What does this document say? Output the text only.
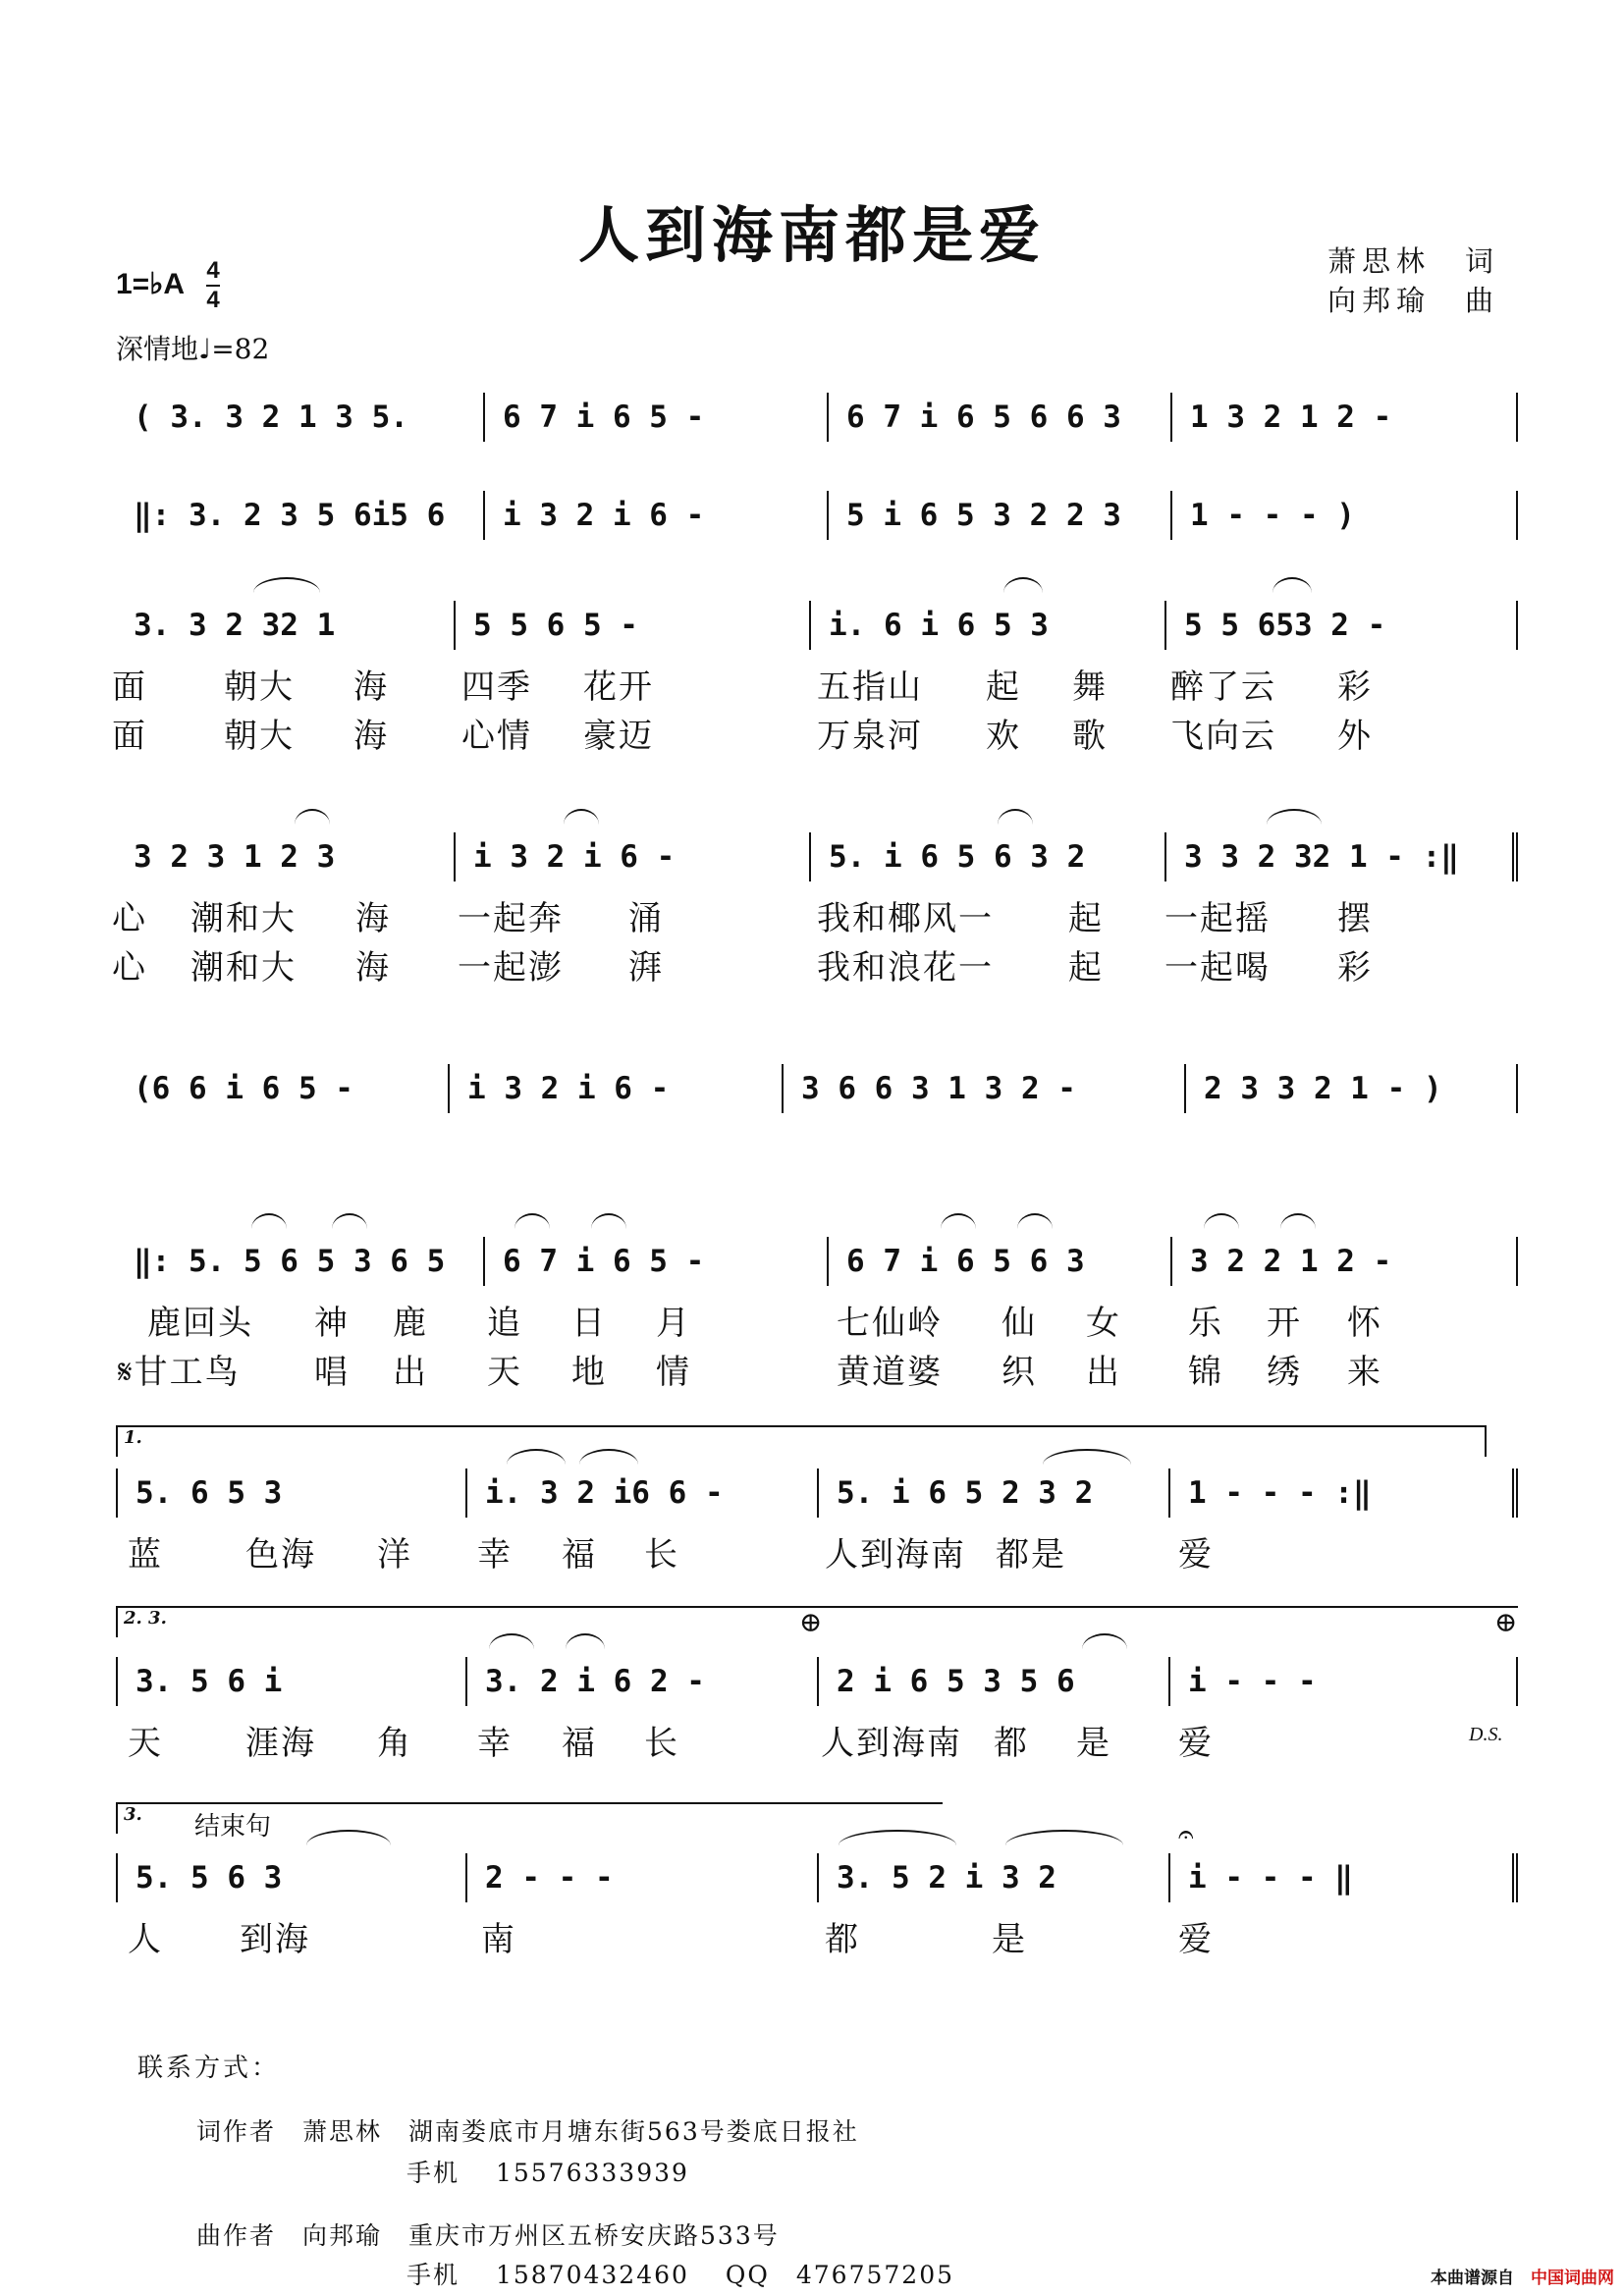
人到海南都是爱	萧思林　词
向邦瑜　曲
1=♭A 4
4
深情地♩=82
( 3. 3 2 1 3 5.	6 7 i 6 5 -	6 7 i 6 5 6 6 3	1 3 2 1 2 -
‖: 3. 2 3 5 6i5 6	i 3 2 i 6 -	5 i 6 5 3 2 2 3	1 - - - )
3. 3 2 32 1	5 5 6 5 -	i. 6 i 6 5 3	5 5 653 2 -
面 朝大 海 四季 花开	五指山 起 舞 醉了云 彩
面 朝大 海 心情 豪迈	万泉河 欢 歌 飞向云 外
3 2 3 1 2 3	i 3 2 i 6 -	5. i 6 5 6 3 2	3 3 2 32 1 - :‖
心 潮和大 海 一起奔 涌	我和椰风一 起 一起摇 摆
心 潮和大 海 一起澎 湃	我和浪花一 起 一起喝 彩
(6 6 i 6 5 -	i 3 2 i 6 -	3 6 6 3 1 3 2 -	2 3 3 2 1 - )
‖: 5. 5 6 5 3 6 5	6 7 i 6 5 -	6 7 i 6 5 6 3	3 2 2 1 2 -
鹿回头 神 鹿 追 日 月	七仙岭 仙 女 乐 开 怀
𝄋甘工鸟 唱 出 天 地 情	黄道婆 织 出 锦 绣 来
1.
5. 6 5 3	i. 3 2 i6 6 -	5. i 6 5 2 3 2	1 - - - :‖
蓝 色海 洋 幸 福 长	人到海南 都是	爱
2. 3.	⊕	⊕
3. 5 6 i	3. 2 i 6 2 -	2 i 6 5 3 5 6	i - - -
天 涯海 角 幸 福 长	人到海南 都 是 爱	D.S.
3. 结束句	𝄐
5. 5 6 3	2 - - -	3. 5 2 i 3 2	i - - - ‖
人 到海	南	都	是	爱
联系方式：
词作者　萧思林　湖南娄底市月塘东街563号娄底日报社
手机　 15576333939
曲作者　向邦瑜　重庆市万州区五桥安庆路533号
手机　 15870432460　 QQ　476757205	本曲谱源自 中国词曲网
